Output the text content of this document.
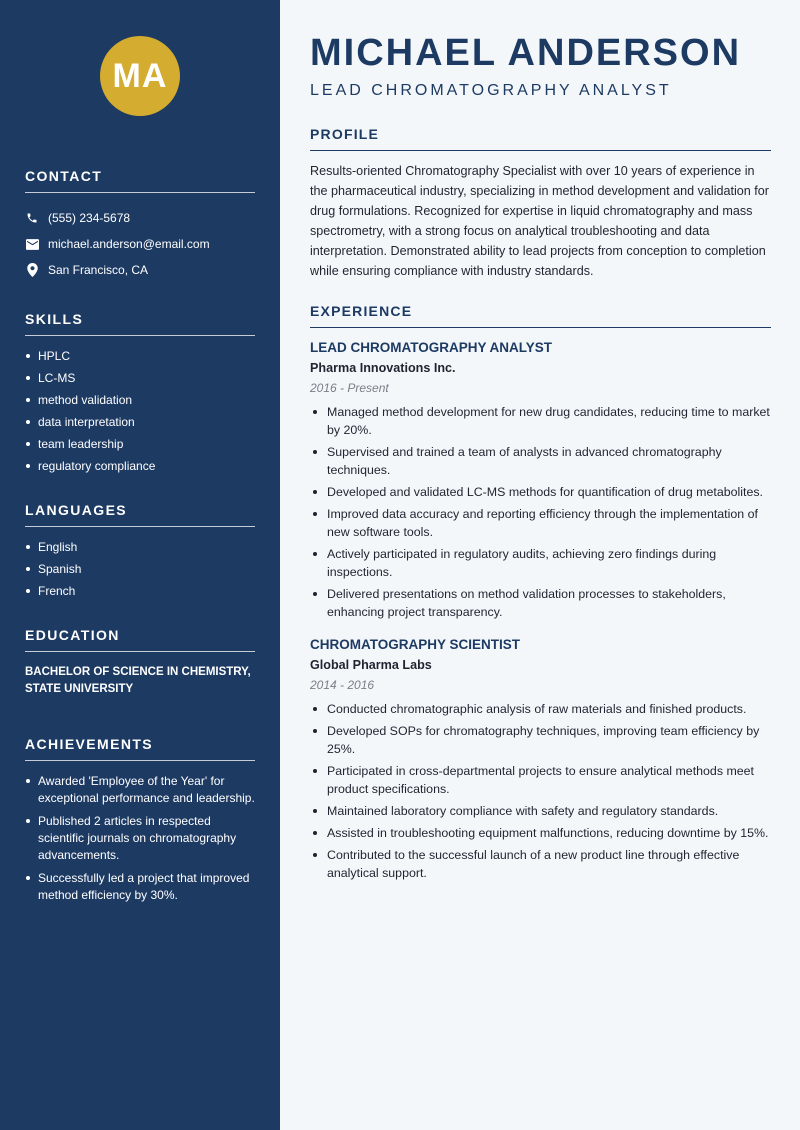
MA
CONTACT
(555) 234-5678
michael.anderson@email.com
San Francisco, CA
SKILLS
HPLC
LC-MS
method validation
data interpretation
team leadership
regulatory compliance
LANGUAGES
English
Spanish
French
EDUCATION
BACHELOR OF SCIENCE IN CHEMISTRY, STATE UNIVERSITY
ACHIEVEMENTS
Awarded 'Employee of the Year' for exceptional performance and leadership.
Published 2 articles in respected scientific journals on chromatography advancements.
Successfully led a project that improved method efficiency by 30%.
MICHAEL ANDERSON
LEAD CHROMATOGRAPHY ANALYST
PROFILE

Results-oriented Chromatography Specialist with over 10 years of experience in the pharmaceutical industry, specializing in method development and validation for drug formulations. Recognized for expertise in liquid chromatography and mass spectrometry, with a strong focus on analytical troubleshooting and data interpretation. Demonstrated ability to lead projects from conception to completion while ensuring compliance with industry standards.

EXPERIENCE
LEAD CHROMATOGRAPHY ANALYST
Pharma Innovations Inc.
2016 - Present
Managed method development for new drug candidates, reducing time to market by 20%.
Supervised and trained a team of analysts in advanced chromatography techniques.
Developed and validated LC-MS methods for quantification of drug metabolites.
Improved data accuracy and reporting efficiency through the implementation of new software tools.
Actively participated in regulatory audits, achieving zero findings during inspections.
Delivered presentations on method validation processes to stakeholders, enhancing project transparency.
CHROMATOGRAPHY SCIENTIST
Global Pharma Labs
2014 - 2016
Conducted chromatographic analysis of raw materials and finished products.
Developed SOPs for chromatography techniques, improving team efficiency by 25%.
Participated in cross-departmental projects to ensure analytical methods meet product specifications.
Maintained laboratory compliance with safety and regulatory standards.
Assisted in troubleshooting equipment malfunctions, reducing downtime by 15%.
Contributed to the successful launch of a new product line through effective analytical support.
